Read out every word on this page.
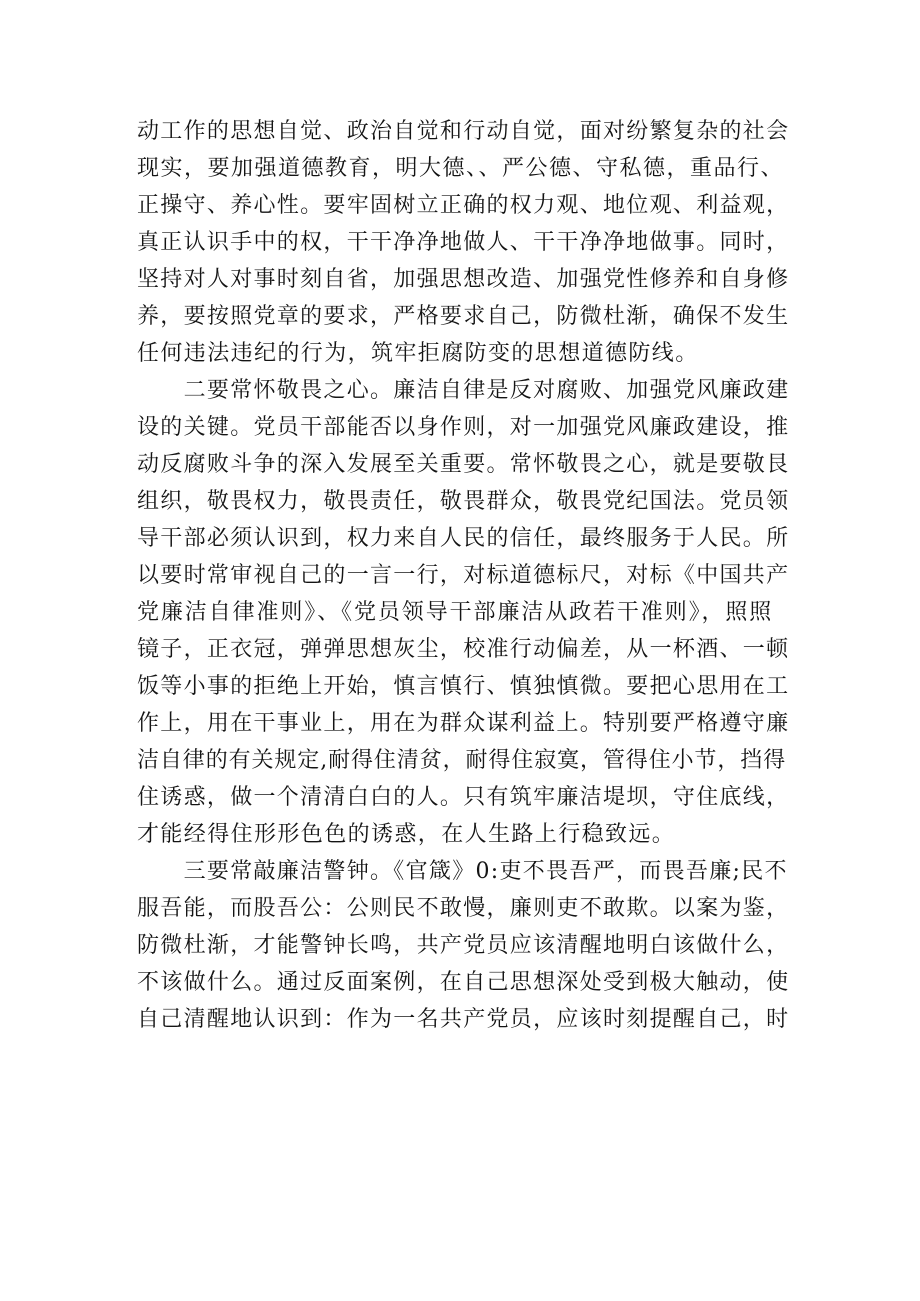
动工作的思想自觉、政治自觉和行动自觉，面对纷繁复杂的社会
现实，要加强道德教育，明大德、、严公德、守私德，重品行、
正操守、养心性。要牢固树立正确的权力观、地位观、利益观，
真正认识手中的权，干干净净地做人、干干净净地做事。同时，
坚持对人对事时刻自省，加强思想改造、加强党性修养和自身修
养，要按照党章的要求，严格要求自己，防微杜渐，确保不发生
任何违法违纪的行为，筑牢拒腐防变的思想道德防线。
　　二要常怀敬畏之心。廉洁自律是反对腐败、加强党风廉政建
设的关键。党员干部能否以身作则，对一加强党风廉政建设，推
动反腐败斗争的深入发展至关重要。常怀敬畏之心，就是要敬艮
组织，敬畏权力，敬畏责任，敬畏群众，敬畏党纪国法。党员领
导干部必须认识到，权力来自人民的信任，最终服务于人民。所
以要时常审视自己的一言一行，对标道德标尺，对标《中国共产
党廉洁自律准则》、《党员领导干部廉洁从政若干准则》，照照
镜子，正衣冠，弹弹思想灰尘，校准行动偏差，从一杯酒、一顿
饭等小事的拒绝上开始，慎言慎行、慎独慎微。要把心思用在工
作上，用在干事业上，用在为群众谋利益上。特别要严格遵守廉
洁自律的有关规定,耐得住清贫，耐得住寂寞，管得住小节，挡得
住诱惑，做一个清清白白的人。只有筑牢廉洁堤坝，守住底线，
才能经得住形形色色的诱惑，在人生路上行稳致远。
　　三要常敲廉洁警钟。《官箴》0:吏不畏吾严，而畏吾廉;民不
服吾能，而股吾公：公则民不敢慢，廉则吏不敢欺。以案为鉴，
防微杜渐，才能警钟长鸣，共产党员应该清醒地明白该做什么，
不该做什么。通过反面案例，在自己思想深处受到极大触动，使
自己清醒地认识到：作为一名共产党员，应该时刻提醒自己，时
